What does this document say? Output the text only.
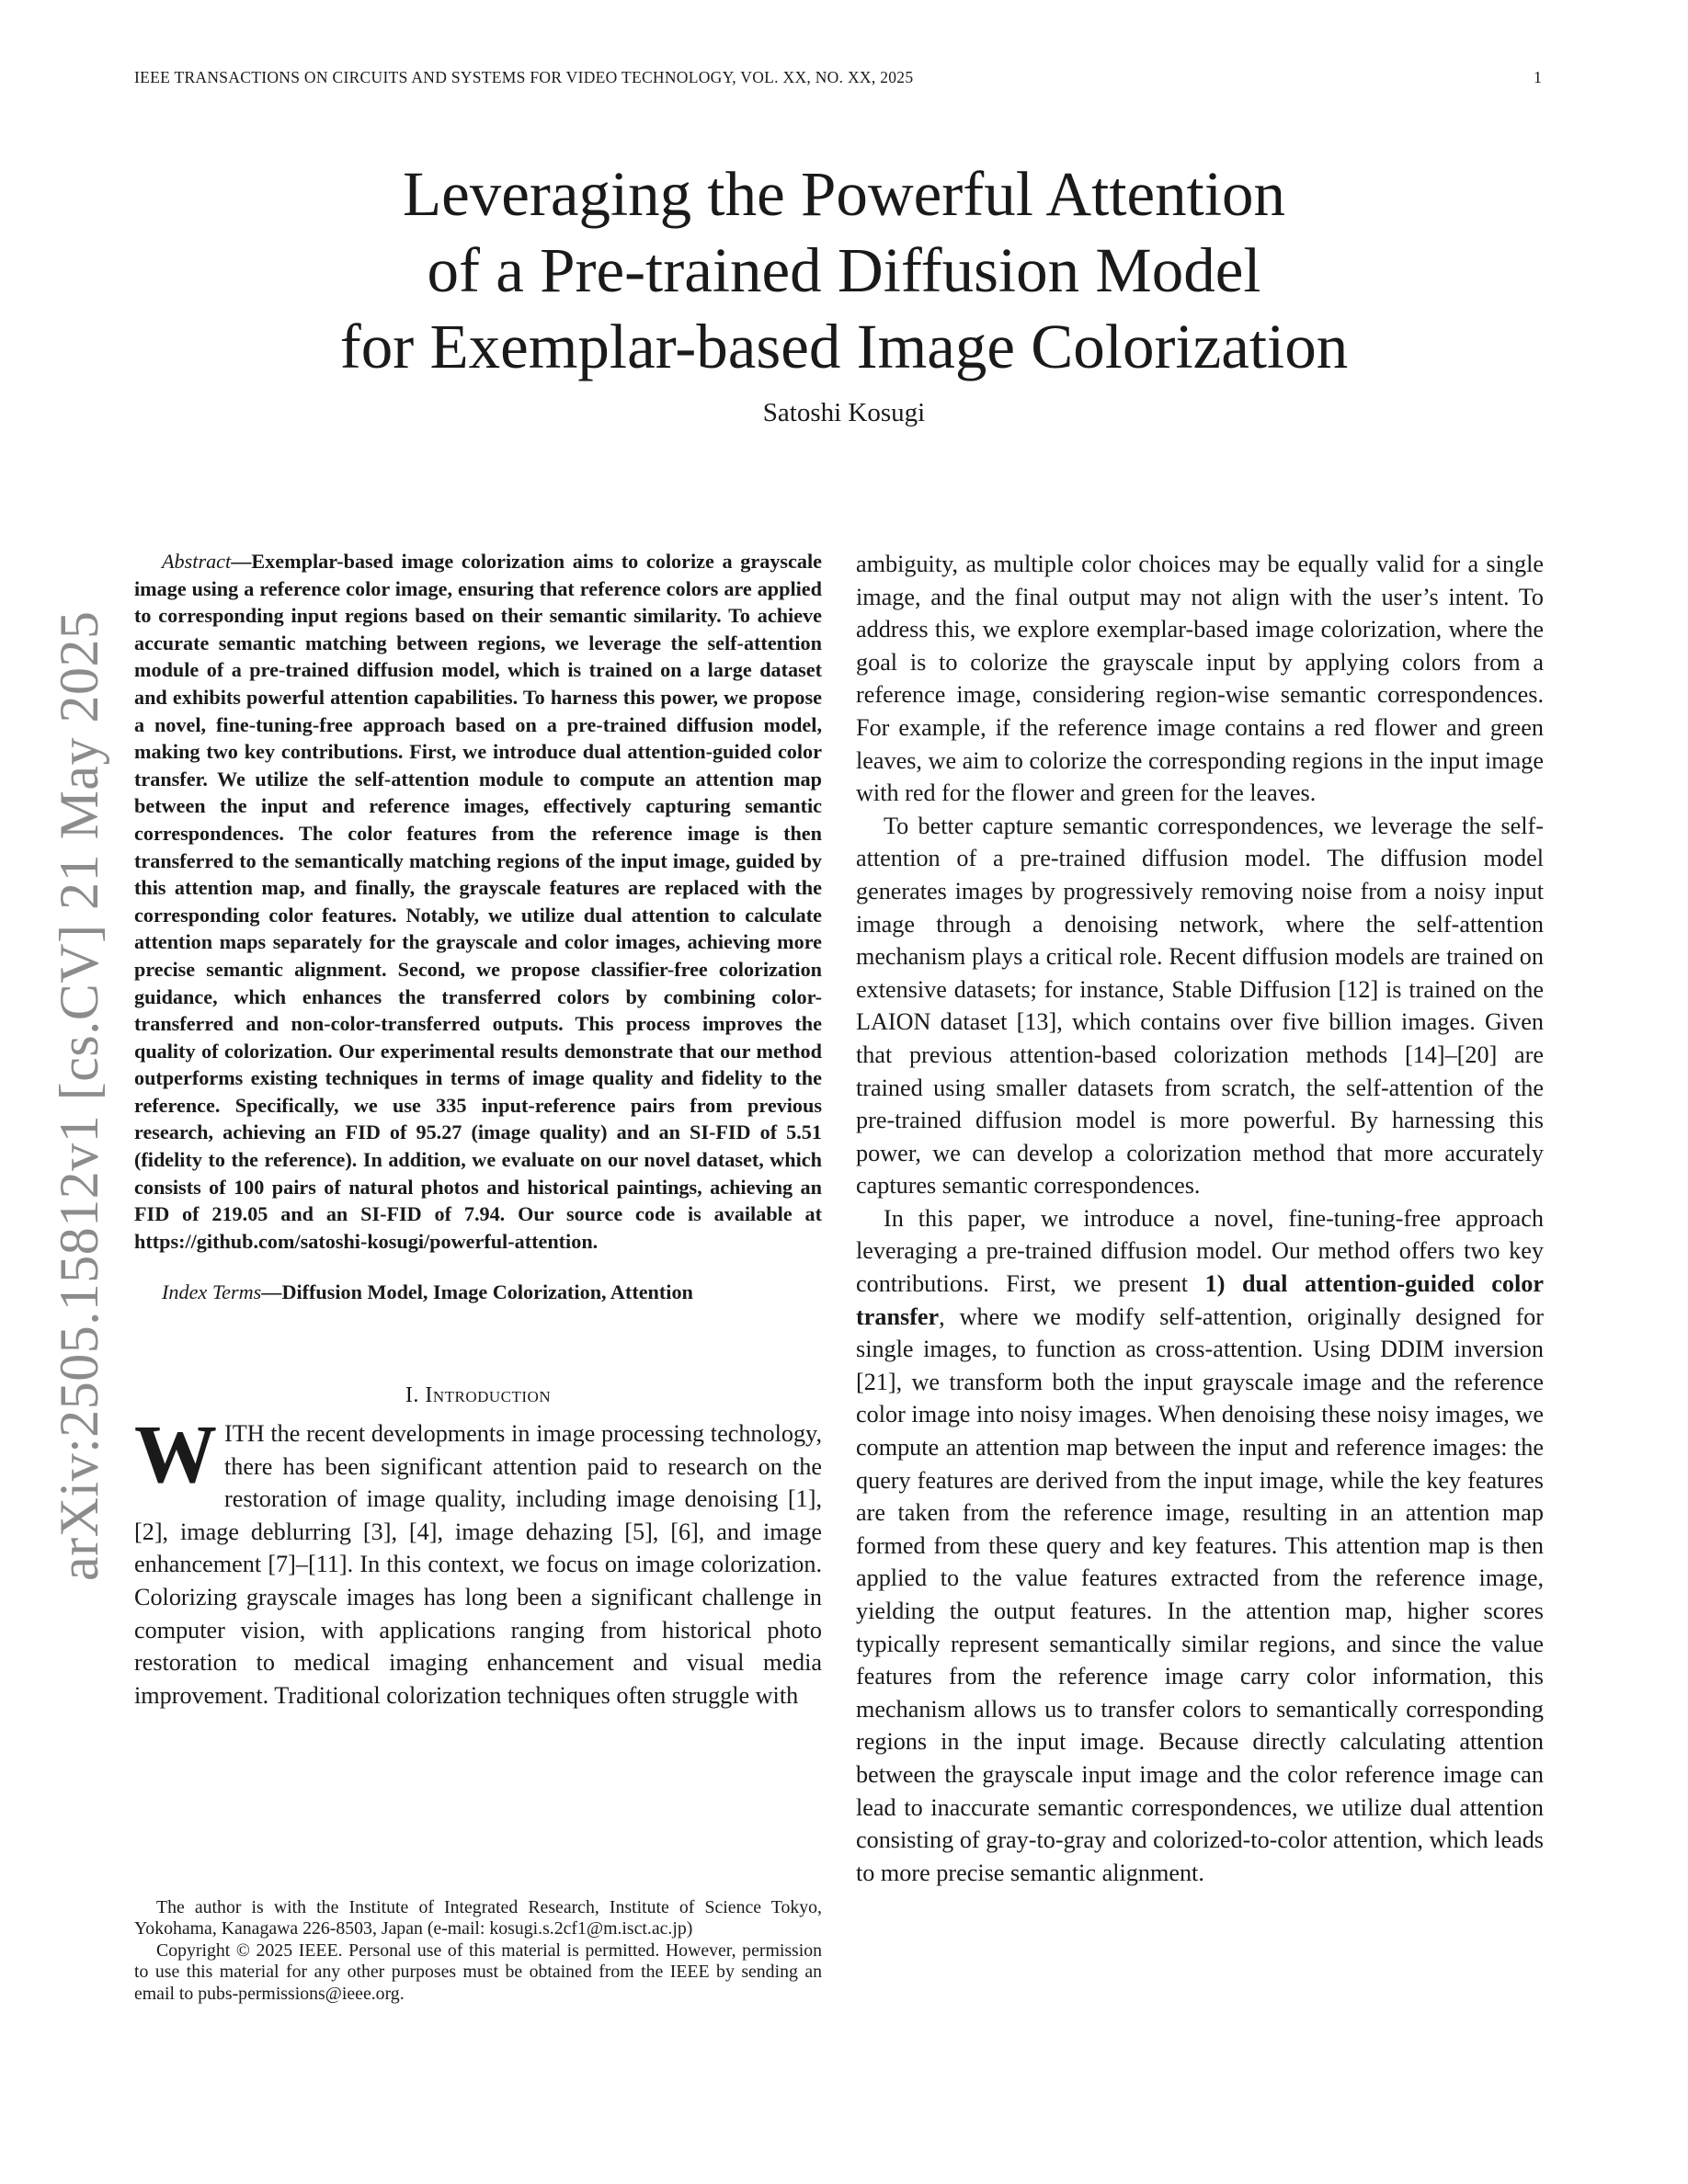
IEEE TRANSACTIONS ON CIRCUITS AND SYSTEMS FOR VIDEO TECHNOLOGY, VOL. XX, NO. XX, 2025	1
Leveraging the Powerful Attention
of a Pre-trained Diffusion Model
for Exemplar-based Image Colorization
Satoshi Kosugi
arXiv:2505.15812v1 [cs.CV] 21 May 2025

Abstract—Exemplar-based image colorization aims to colorize a grayscale image using a reference color image, ensuring that reference colors are applied to corresponding input regions based on their semantic similarity. To achieve accurate semantic matching between regions, we leverage the self-attention module of a pre-trained diffusion model, which is trained on a large dataset and exhibits powerful attention capabilities. To harness this power, we propose a novel, fine-tuning-free approach based on a pre-trained diffusion model, making two key contributions. First, we introduce dual attention-guided color transfer. We utilize the self-attention module to compute an attention map between the input and reference images, effectively capturing semantic correspondences. The color features from the reference image is then transferred to the semantically matching regions of the input image, guided by this attention map, and finally, the grayscale features are replaced with the corresponding color features. Notably, we utilize dual attention to calculate attention maps separately for the grayscale and color images, achieving more precise semantic alignment. Second, we propose classifier-free colorization guidance, which enhances the transferred colors by combining color-transferred and non-color-transferred outputs. This process improves the quality of colorization. Our experimental results demonstrate that our method outperforms existing techniques in terms of image quality and fidelity to the reference. Specifically, we use 335 input-reference pairs from previous research, achieving an FID of 95.27 (image quality) and an SI-FID of 5.51 (fidelity to the reference). In addition, we evaluate on our novel dataset, which consists of 100 pairs of natural photos and historical paintings, achieving an FID of 219.05 and an SI-FID of 7.94. Our source code is available at https://github.com/satoshi-kosugi/powerful-attention.

Index Terms—Diffusion Model, Image Colorization, Attention

I. Introduction

WITH the recent developments in image processing technology, there has been significant attention paid to research on the restoration of image quality, including image denoising [1], [2], image deblurring [3], [4], image dehazing [5], [6], and image enhancement [7]–[11]. In this context, we focus on image colorization. Colorizing grayscale images has long been a significant challenge in computer vision, with applications ranging from historical photo restoration to medical imaging enhancement and visual media improvement. Traditional colorization techniques often struggle with

The author is with the Institute of Integrated Research, Institute of Science Tokyo, Yokohama, Kanagawa 226-8503, Japan (e-mail: kosugi.s.2cf1@m.isct.ac.jp)

Copyright © 2025 IEEE. Personal use of this material is permitted. However, permission to use this material for any other purposes must be obtained from the IEEE by sending an email to pubs-permissions@ieee.org.

ambiguity, as multiple color choices may be equally valid for a single image, and the final output may not align with the user’s intent. To address this, we explore exemplar-based image colorization, where the goal is to colorize the grayscale input by applying colors from a reference image, considering region-wise semantic correspondences. For example, if the reference image contains a red flower and green leaves, we aim to colorize the corresponding regions in the input image with red for the flower and green for the leaves.

To better capture semantic correspondences, we leverage the self-attention of a pre-trained diffusion model. The diffusion model generates images by progressively removing noise from a noisy input image through a denoising network, where the self-attention mechanism plays a critical role. Recent diffusion models are trained on extensive datasets; for instance, Stable Diffusion [12] is trained on the LAION dataset [13], which contains over five billion images. Given that previous attention-based colorization methods [14]–[20] are trained using smaller datasets from scratch, the self-attention of the pre-trained diffusion model is more powerful. By harnessing this power, we can develop a colorization method that more accurately captures semantic correspondences.

In this paper, we introduce a novel, fine-tuning-free approach leveraging a pre-trained diffusion model. Our method offers two key contributions. First, we present 1) dual attention-guided color transfer, where we modify self-attention, originally designed for single images, to function as cross-attention. Using DDIM inversion [21], we transform both the input grayscale image and the reference color image into noisy images. When denoising these noisy images, we compute an attention map between the input and reference images: the query features are derived from the input image, while the key features are taken from the reference image, resulting in an attention map formed from these query and key features. This attention map is then applied to the value features extracted from the reference image, yielding the output features. In the attention map, higher scores typically represent semantically similar regions, and since the value features from the reference image carry color information, this mechanism allows us to transfer colors to semantically corresponding regions in the input image. Because directly calculating attention between the grayscale input image and the color reference image can lead to inaccurate semantic correspondences, we utilize dual attention consisting of gray-to-gray and colorized-to-color attention, which leads to more precise semantic alignment.
